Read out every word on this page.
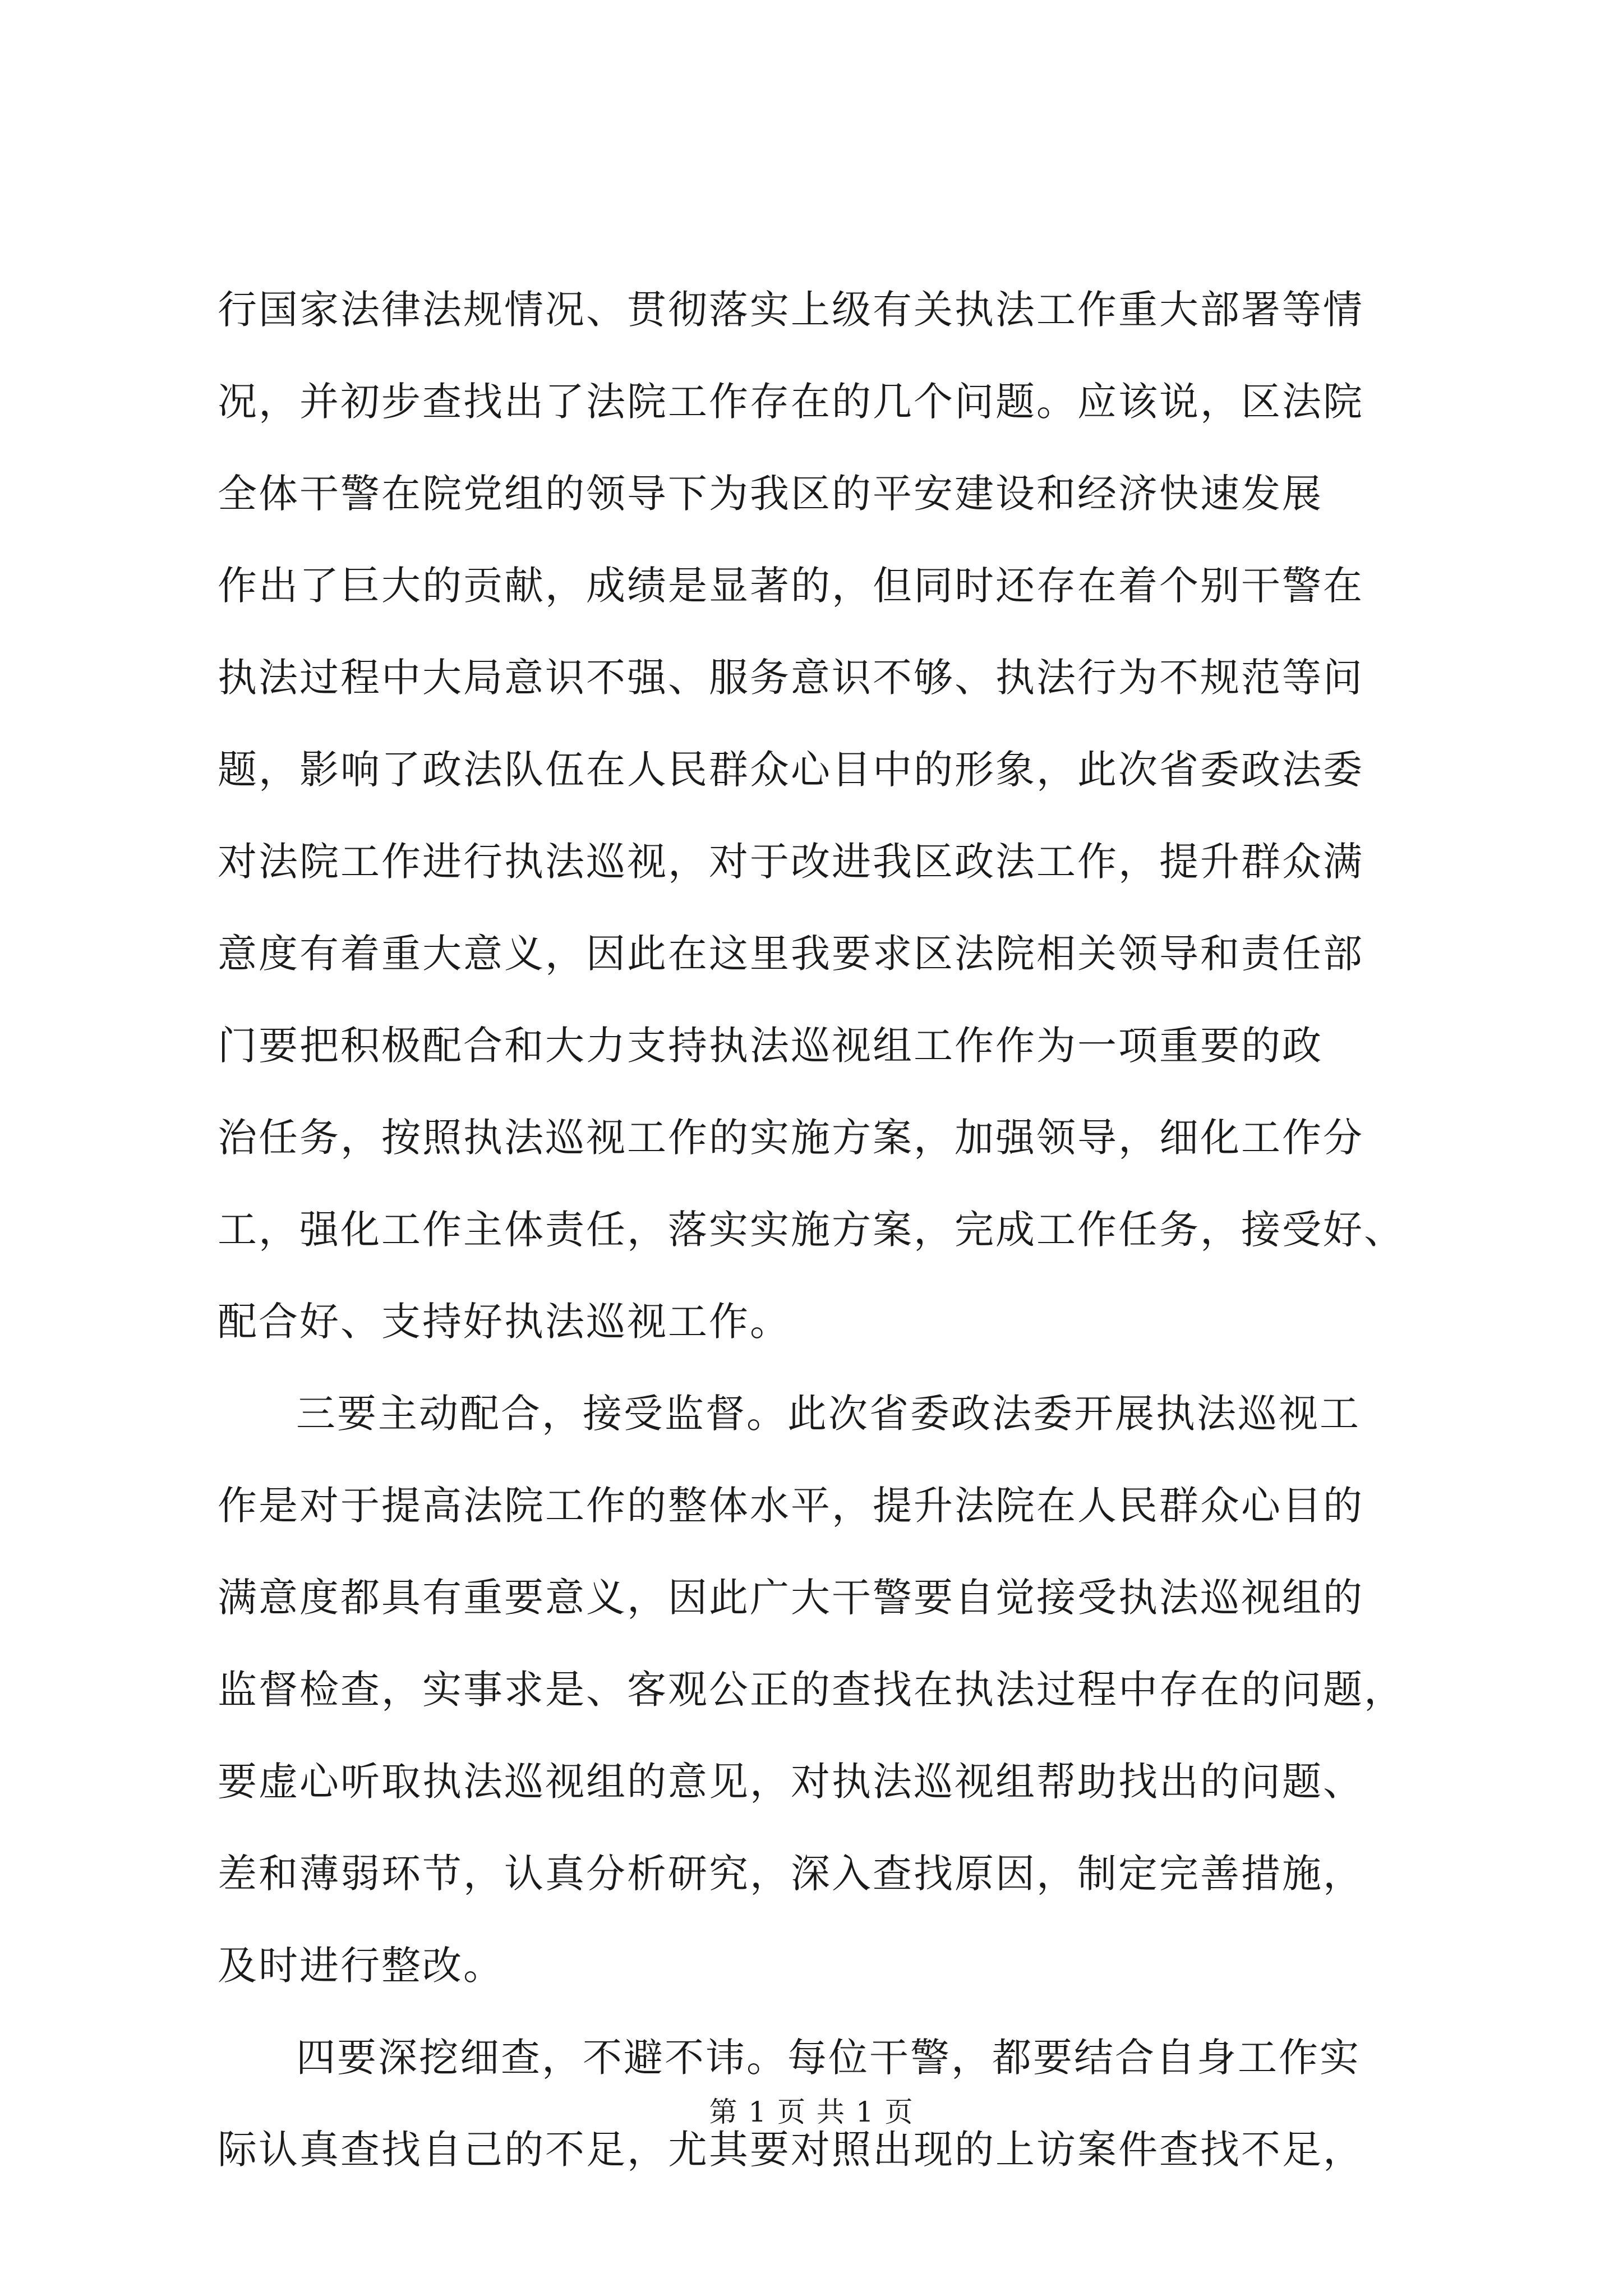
行国家法律法规情况、贯彻落实上级有关执法工作重大部署等情
况，并初步查找出了法院工作存在的几个问题。应该说，区法院
全体干警在院党组的领导下为我区的平安建设和经济快速发展
作出了巨大的贡献，成绩是显著的，但同时还存在着个别干警在
执法过程中大局意识不强、服务意识不够、执法行为不规范等问
题，影响了政法队伍在人民群众心目中的形象，此次省委政法委
对法院工作进行执法巡视，对于改进我区政法工作，提升群众满
意度有着重大意义，因此在这里我要求区法院相关领导和责任部
门要把积极配合和大力支持执法巡视组工作作为一项重要的政
治任务，按照执法巡视工作的实施方案，加强领导，细化工作分
工，强化工作主体责任，落实实施方案，完成工作任务，接受好、
配合好、支持好执法巡视工作。
三要主动配合，接受监督。此次省委政法委开展执法巡视工
作是对于提高法院工作的整体水平，提升法院在人民群众心目的
满意度都具有重要意义，因此广大干警要自觉接受执法巡视组的
监督检查，实事求是、客观公正的查找在执法过程中存在的问题，
要虚心听取执法巡视组的意见，对执法巡视组帮助找出的问题、
差和薄弱环节，认真分析研究，深入查找原因，制定完善措施，
及时进行整改。
四要深挖细查，不避不讳。每位干警，都要结合自身工作实
际认真查找自己的不足，尤其要对照出现的上访案件查找不足，
第 1 页 共 1 页
